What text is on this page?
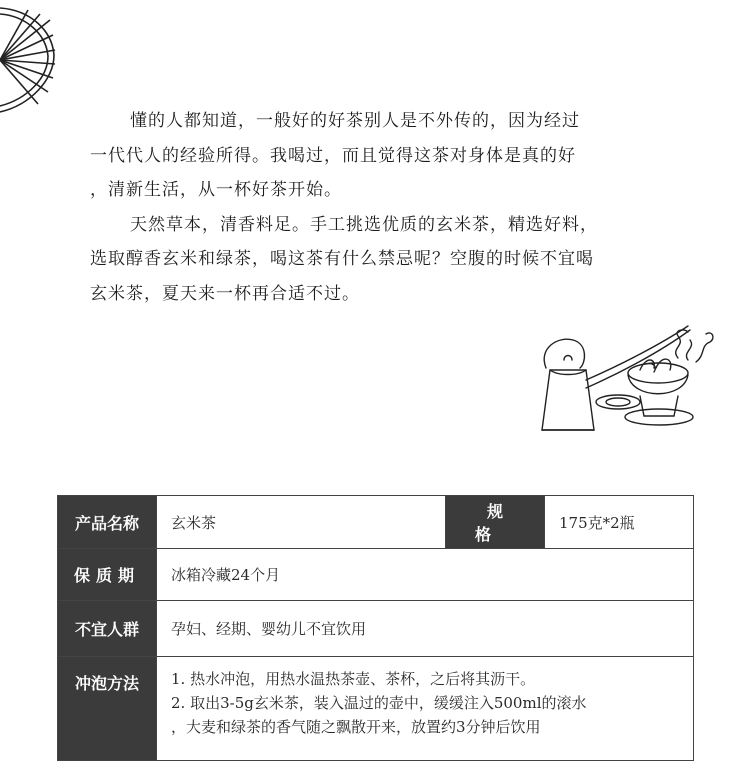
懂的人都知道，一般好的好茶别人是不外传的，因为经过

一代代人的经验所得。我喝过，而且觉得这茶对身体是真的好

，清新生活，从一杯好茶开始。

天然草本，清香料足。手工挑选优质的玄米茶，精选好料，

选取醇香玄米和绿茶，喝这茶有什么禁忌呢？空腹的时候不宜喝

玄米茶，夏天来一杯再合适不过。

产品名称	玄米茶	规格	175克*2瓶
保质期	冰箱冷藏24个月		
不宜人群	孕妇、经期、婴幼儿不宜饮用		
冲泡方法	1. 热水冲泡，用热水温热茶壶、茶杯，之后将其沥干。
2. 取出3-5g玄米茶，装入温过的壶中，缓缓注入500ml的滚水
，大麦和绿茶的香气随之飘散开来，放置约3分钟后饮用		
